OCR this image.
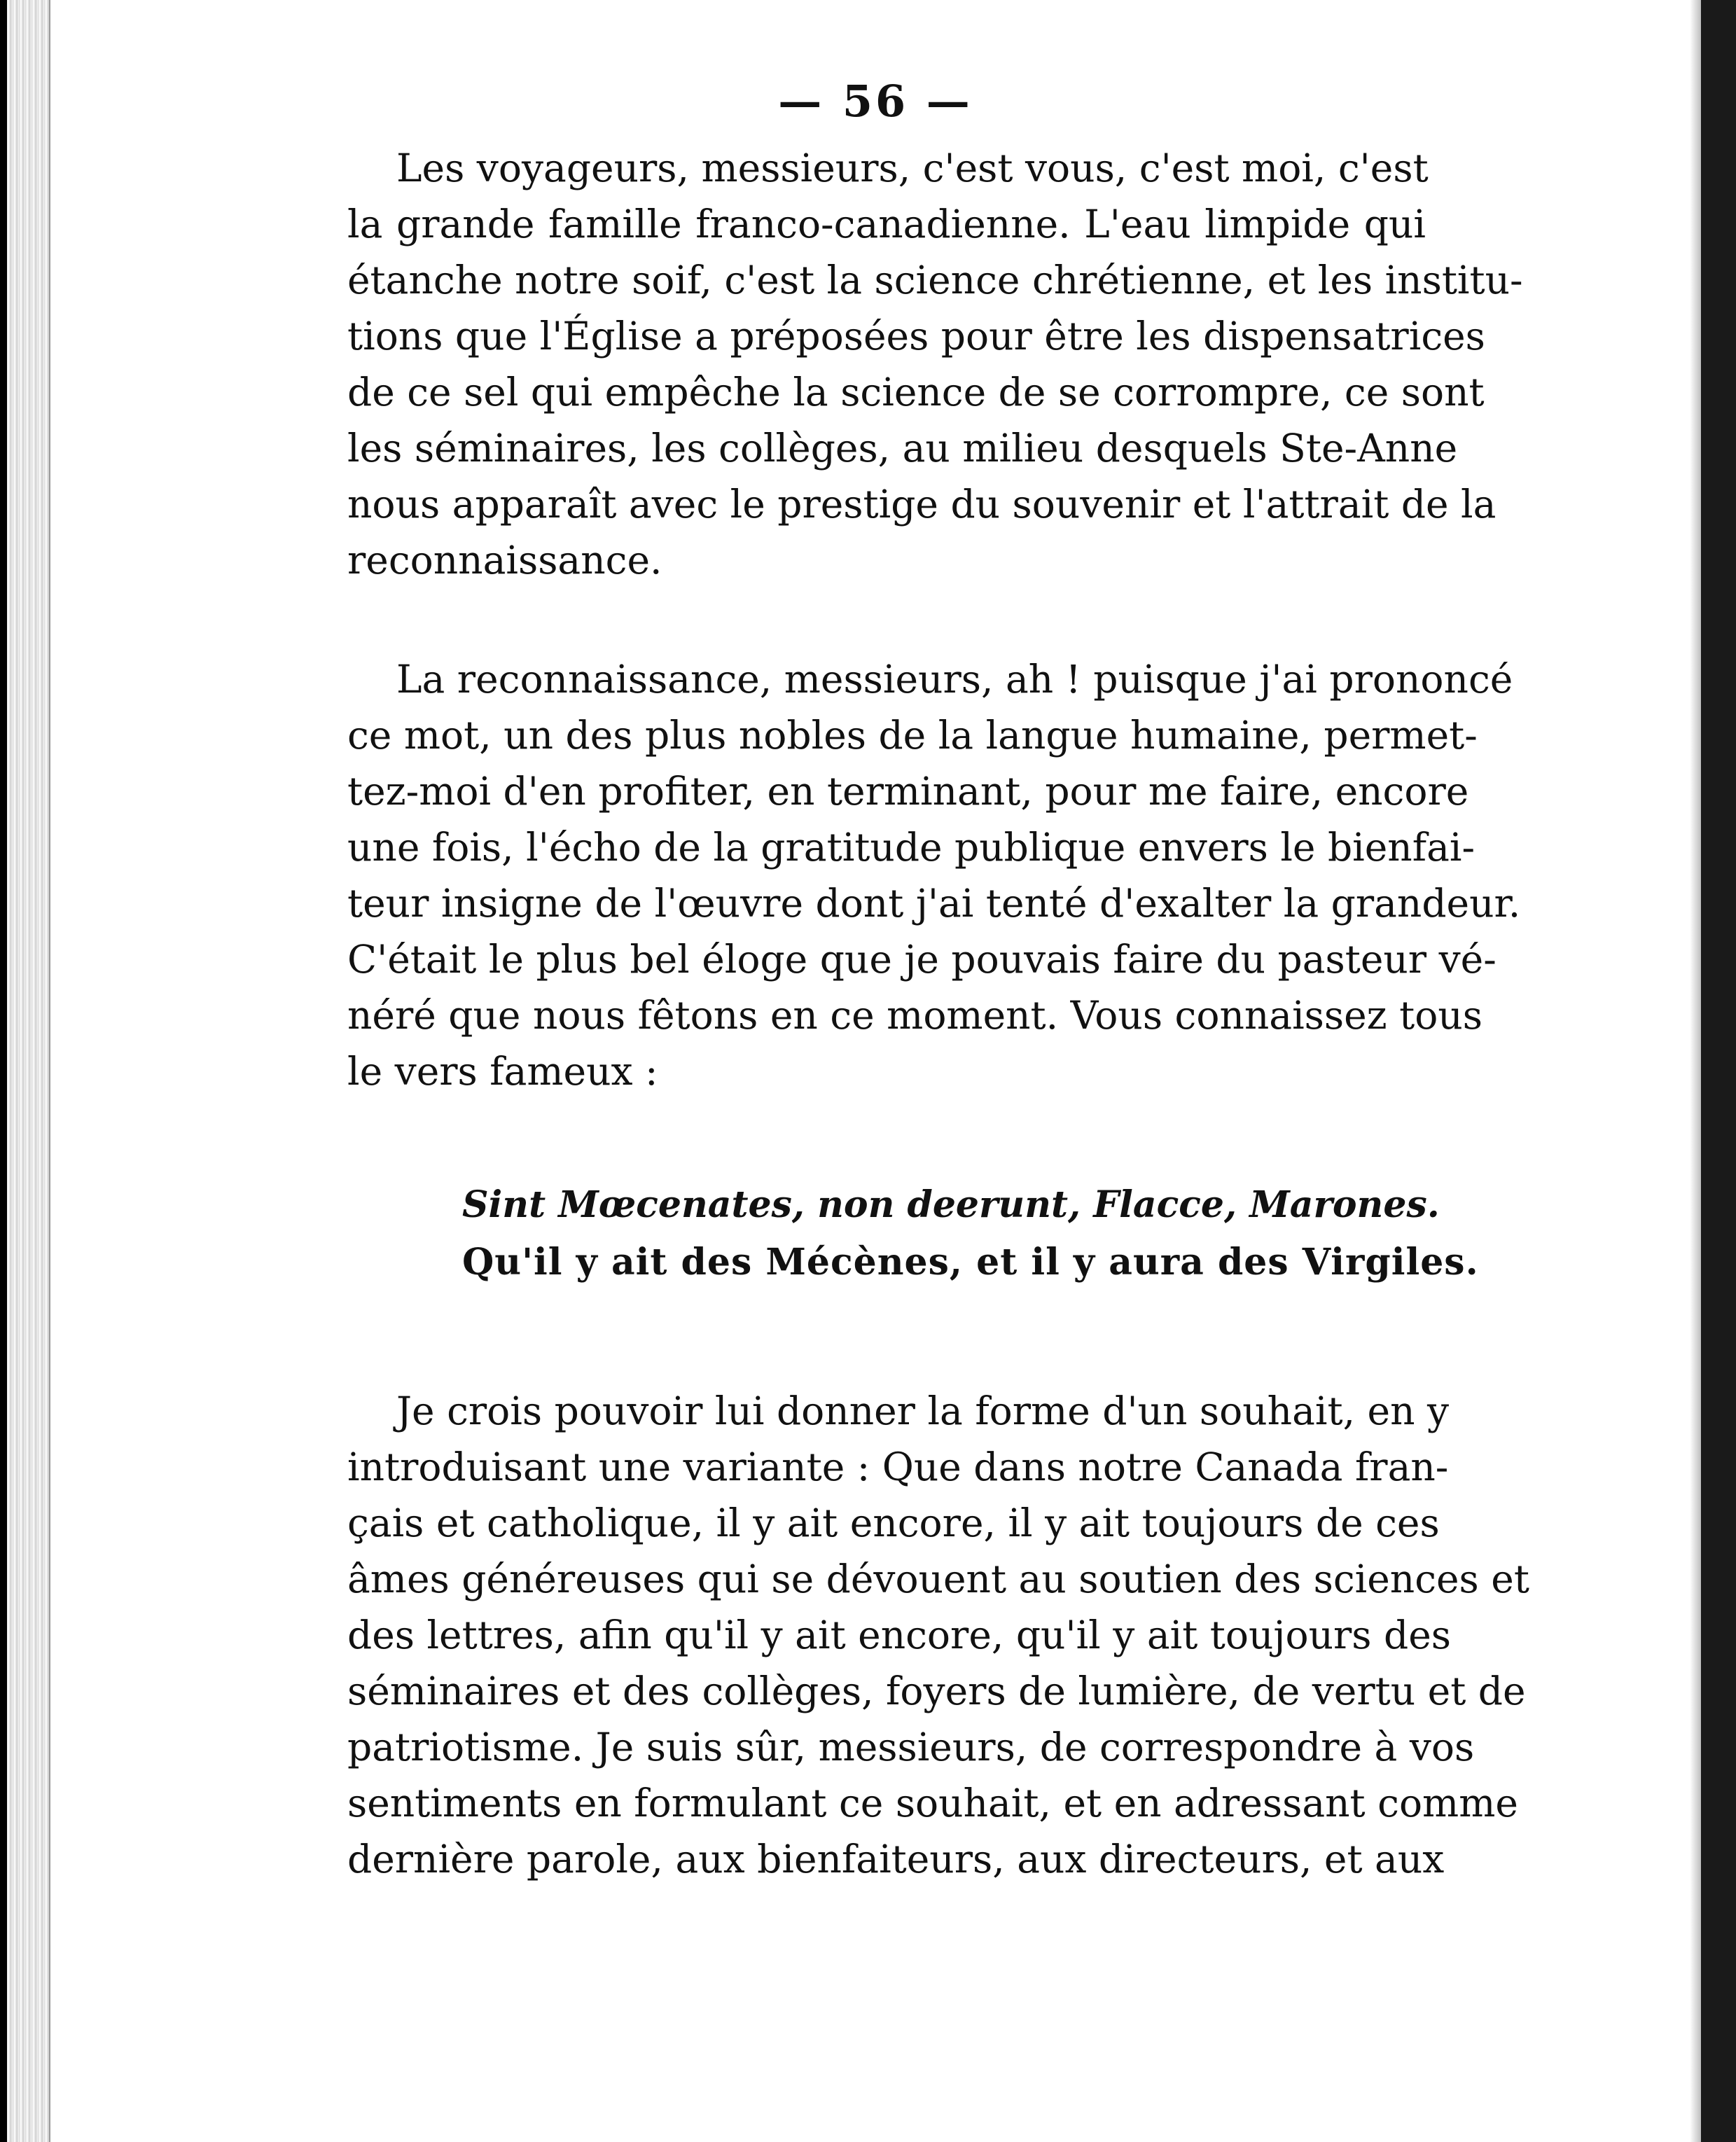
— 56 —

Les voyageurs, messieurs, c'est vous, c'est moi, c'est
la grande famille franco-canadienne. L'eau limpide qui
étanche notre soif, c'est la science chrétienne, et les institu-
tions que l'Église a préposées pour être les dispensatrices
de ce sel qui empêche la science de se corrompre, ce sont
les séminaires, les collèges, au milieu desquels Ste-Anne
nous apparaît avec le prestige du souvenir et l'attrait de la
reconnaissance.

La reconnaissance, messieurs, ah ! puisque j'ai prononcé
ce mot, un des plus nobles de la langue humaine, permet-
tez-moi d'en profiter, en terminant, pour me faire, encore
une fois, l'écho de la gratitude publique envers le bienfai-
teur insigne de l'œuvre dont j'ai tenté d'exalter la grandeur.
C'était le plus bel éloge que je pouvais faire du pasteur vé-
néré que nous fêtons en ce moment. Vous connaissez tous
le vers fameux :

Sint Mœcenates, non deerunt, Flacce, Marones.
Qu'il y ait des Mécènes, et il y aura des Virgiles.

Je crois pouvoir lui donner la forme d'un souhait, en y
introduisant une variante : Que dans notre Canada fran-
çais et catholique, il y ait encore, il y ait toujours de ces
âmes généreuses qui se dévouent au soutien des sciences et
des lettres, afin qu'il y ait encore, qu'il y ait toujours des
séminaires et des collèges, foyers de lumière, de vertu et de
patriotisme. Je suis sûr, messieurs, de correspondre à vos
sentiments en formulant ce souhait, et en adressant comme
dernière parole, aux bienfaiteurs, aux directeurs, et aux
